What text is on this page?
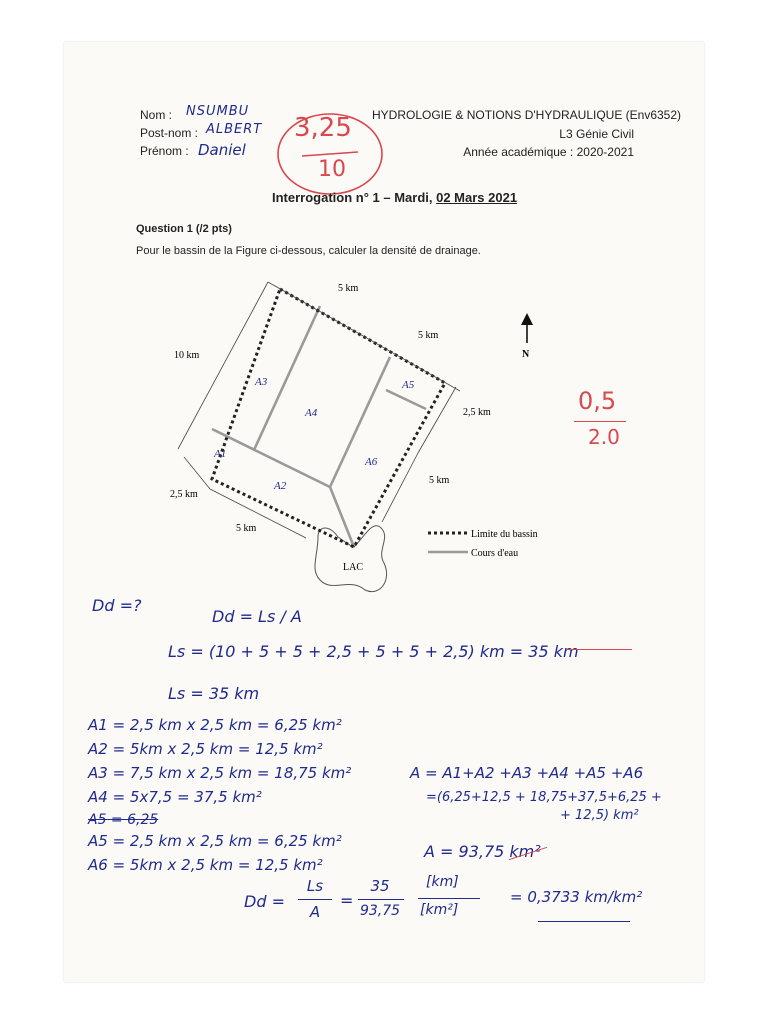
Nom : NSUMBU
Post-nom : ALBERT
Prénom : Daniel
HYDROLOGIE & NOTIONS D'HYDRAULIQUE (Env6352)
L3 Génie Civil
Année académique : 2020-2021
3,25
10
Interrogation n° 1 – Mardi, 02 Mars 2021
Question 1 (/2 pts)
Pour le bassin de la Figure ci-dessous, calculer la densité de drainage.
5 km
5 km
10 km
2,5 km
5 km
2,5 km
5 km
A1
A2
A3
A4
A5
A6
N
LAC
Limite du bassin
Cours d'eau
0,5
2.0
Dd =?
Dd = Ls / A
Ls = (10 + 5 + 5 + 2,5 + 5 + 5 + 2,5) km = 35 km
Ls = 35 km
A1 = 2,5 km x 2,5 km = 6,25 km²
A2 = 5km x 2,5 km = 12,5 km²
A3 = 7,5 km x 2,5 km = 18,75 km²
A4 = 5x7,5 = 37,5 km²
A5 = 6,25
A5 = 2,5 km x 2,5 km = 6,25 km²
A6 = 5km x 2,5 km = 12,5 km²
A = A1+A2 +A3 +A4 +A5 +A6
=(6,25+12,5 + 18,75+37,5+6,25 +
+ 12,5) km²
A = 93,75 km²
Dd =
Ls
A
=
35
93,75
[km]
[km²]
= 0,3733 km/km²
